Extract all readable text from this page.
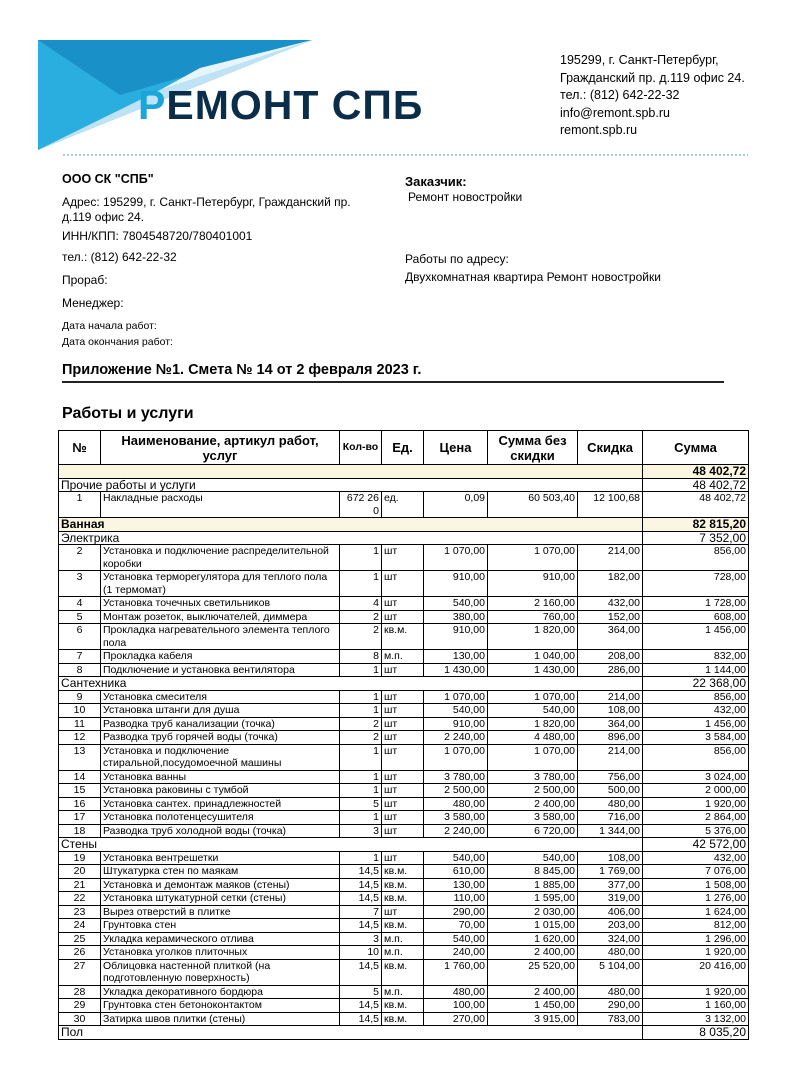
РЕМОНТ СПБ
195299, г. Санкт-Петербург,
Гражданский пр. д.119 офис 24.
тел.: (812) 642-22-32
info@remont.spb.ru
remont.spb.ru
ООО СК "СПБ"
Адрес: 195299, г. Санкт-Петербург, Гражданский пр. д.119 офис 24.
ИНН/КПП: 7804548720/780401001
тел.: (812) 642-22-32
Прораб:
Менеджер:
Дата начала работ:
Дата окончания работ:
Заказчик:
Ремонт новостройки
Работы по адресу:
Двухкомнатная квартира Ремонт новостройки
Приложение №1. Смета № 14 от 2 февраля 2023 г.
Работы и услуги
№	Наименование, артикул работ, услуг	Кол-во	Ед.	Цена	Сумма без скидки	Скидка	Сумма
							48 402,72
Прочие работы и услуги							48 402,72
1	Накладные расходы	672 26 0	ед.	0,09	60 503,40	12 100,68	48 402,72
Ванная							82 815,20
Электрика							7 352,00
2	Установка и подключение распределительной коробки	1	шт	1 070,00	1 070,00	214,00	856,00
3	Установка терморегулятора для теплого пола (1 термомат)	1	шт	910,00	910,00	182,00	728,00
4	Установка точечных светильников	4	шт	540,00	2 160,00	432,00	1 728,00
5	Монтаж розеток, выключателей, диммера	2	шт	380,00	760,00	152,00	608,00
6	Прокладка нагревательного элемента теплого пола	2	кв.м.	910,00	1 820,00	364,00	1 456,00
7	Прокладка кабеля	8	м.п.	130,00	1 040,00	208,00	832,00
8	Подключение и установка вентилятора	1	шт	1 430,00	1 430,00	286,00	1 144,00
Сантехника							22 368,00
9	Установка смесителя	1	шт	1 070,00	1 070,00	214,00	856,00
10	Установка штанги для душа	1	шт	540,00	540,00	108,00	432,00
11	Разводка труб канализации (точка)	2	шт	910,00	1 820,00	364,00	1 456,00
12	Разводка труб горячей воды (точка)	2	шт	2 240,00	4 480,00	896,00	3 584,00
13	Установка и подключение стиральной,посудомоечной машины	1	шт	1 070,00	1 070,00	214,00	856,00
14	Установка ванны	1	шт	3 780,00	3 780,00	756,00	3 024,00
15	Установка раковины с тумбой	1	шт	2 500,00	2 500,00	500,00	2 000,00
16	Установка сантех. принадлежностей	5	шт	480,00	2 400,00	480,00	1 920,00
17	Установка полотенцесушителя	1	шт	3 580,00	3 580,00	716,00	2 864,00
18	Разводка труб холодной воды (точка)	3	шт	2 240,00	6 720,00	1 344,00	5 376,00
Стены							42 572,00
19	Установка вентрешетки	1	шт	540,00	540,00	108,00	432,00
20	Штукатурка стен по маякам	14,5	кв.м.	610,00	8 845,00	1 769,00	7 076,00
21	Установка и демонтаж маяков (стены)	14,5	кв.м.	130,00	1 885,00	377,00	1 508,00
22	Установка штукатурной сетки (стены)	14,5	кв.м.	110,00	1 595,00	319,00	1 276,00
23	Вырез отверстий в плитке	7	шт	290,00	2 030,00	406,00	1 624,00
24	Грунтовка стен	14,5	кв.м.	70,00	1 015,00	203,00	812,00
25	Укладка керамического отлива	3	м.п.	540,00	1 620,00	324,00	1 296,00
26	Установка уголков плиточных	10	м.п.	240,00	2 400,00	480,00	1 920,00
27	Облицовка настенной плиткой (на подготовленную поверхность)	14,5	кв.м.	1 760,00	25 520,00	5 104,00	20 416,00
28	Укладка декоративного бордюра	5	м.п.	480,00	2 400,00	480,00	1 920,00
29	Грунтовка стен бетоноконтактом	14,5	кв.м.	100,00	1 450,00	290,00	1 160,00
30	Затирка швов плитки (стены)	14,5	кв.м.	270,00	3 915,00	783,00	3 132,00
Пол							8 035,20
